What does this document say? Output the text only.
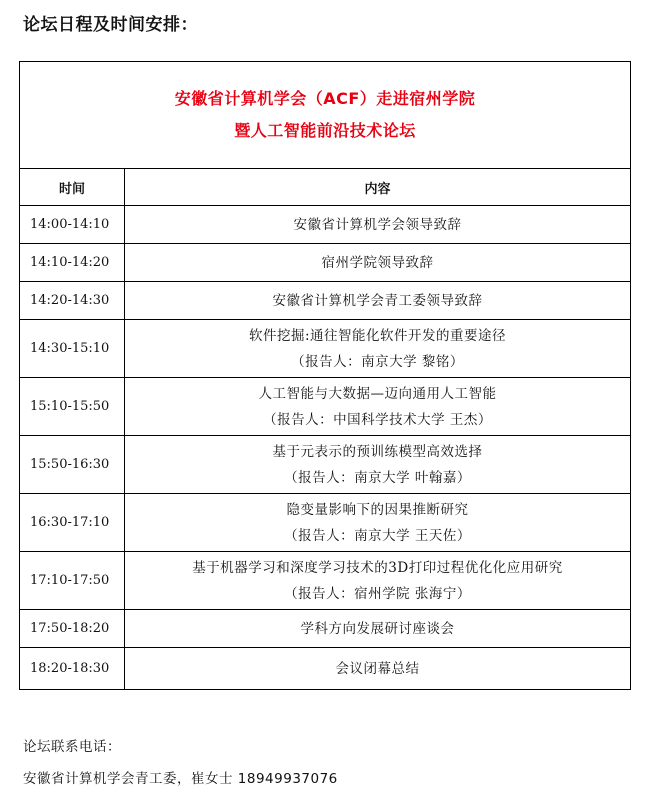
论坛日程及时间安排：
安徽省计算机学会（ACF）走进宿州学院
暨人工智能前沿技术论坛	

时间	内容
14:00-14:10	安徽省计算机学会领导致辞

14:10-14:20	宿州学院领导致辞

14:20-14:30	安徽省计算机学会青工委领导致辞

14:30-15:10	软件挖掘:通往智能化软件开发的重要途径
（报告人：南京大学 黎铭）

15:10-15:50	人工智能与大数据—迈向通用人工智能
（报告人：中国科学技术大学 王杰）

15:50-16:30	基于元表示的预训练模型高效选择
（报告人：南京大学 叶翰嘉）

16:30-17:10	隐变量影响下的因果推断研究
（报告人：南京大学 王天佐）

17:10-17:50	基于机器学习和深度学习技术的3D打印过程优化化应用研究
（报告人：宿州学院 张海宁）

17:50-18:20	学科方向发展研讨座谈会

18:20-18:30	会议闭幕总结
论坛联系电话：
安徽省计算机学会青工委，崔女士 18949937076
